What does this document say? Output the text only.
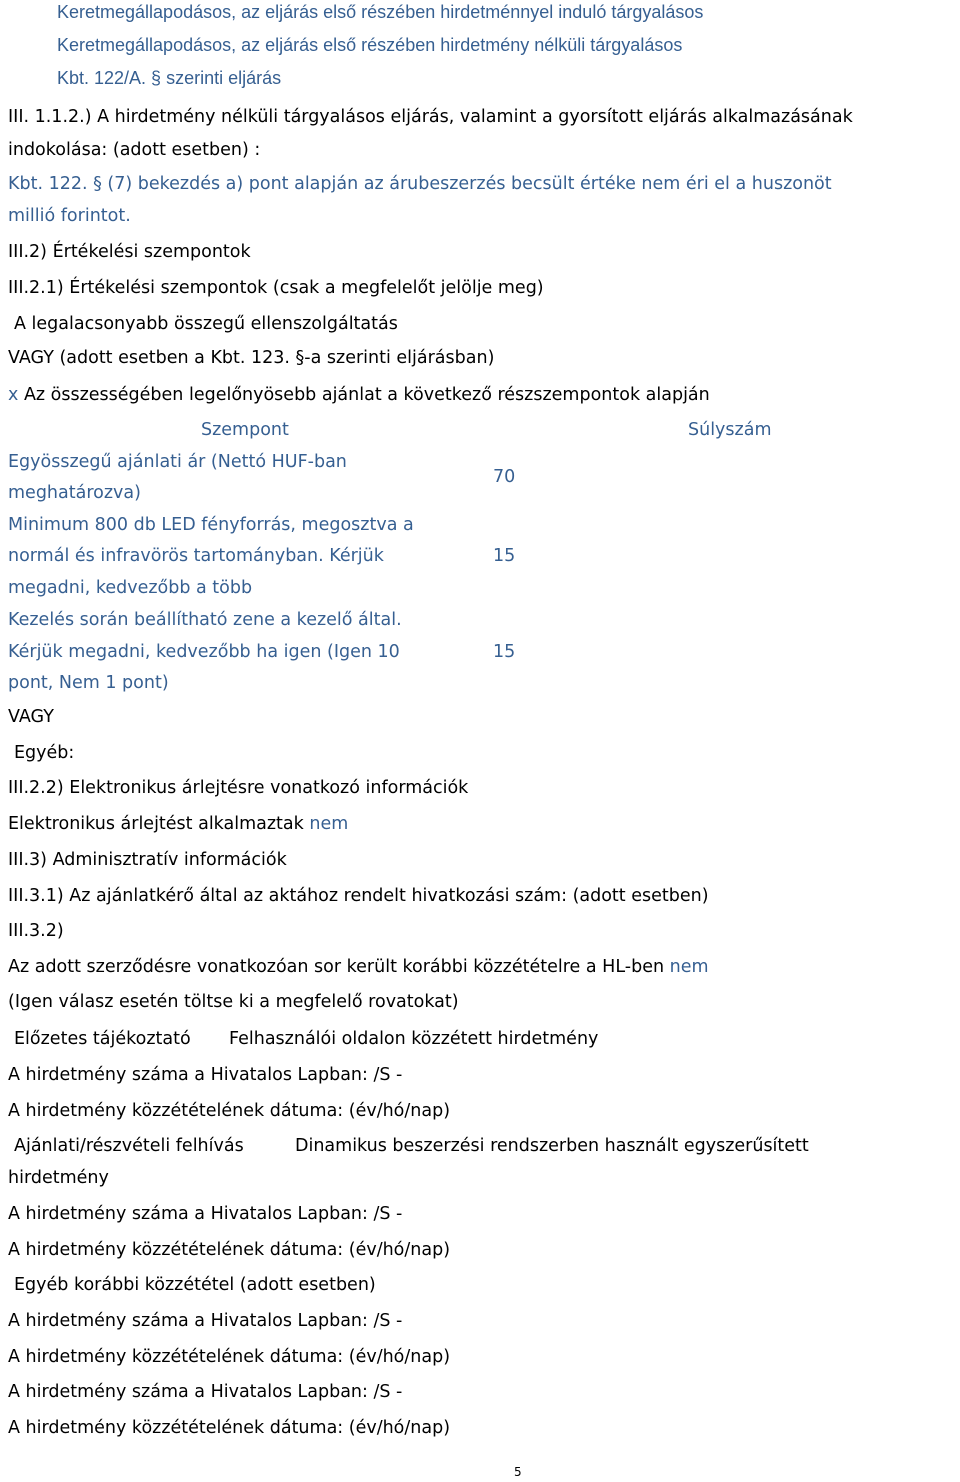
Keretmegállapodásos, az eljárás első részében hirdetménnyel induló tárgyalásos
Keretmegállapodásos, az eljárás első részében hirdetmény nélküli tárgyalásos
Kbt. 122/A. § szerinti eljárás
III. 1.1.2.) A hirdetmény nélküli tárgyalásos eljárás, valamint a gyorsított eljárás alkalmazásának
indokolása: (adott esetben) :
Kbt. 122. § (7) bekezdés a) pont alapján az árubeszerzés becsült értéke nem éri el a huszonöt
millió forintot.
III.2) Értékelési szempontok
III.2.1) Értékelési szempontok (csak a megfelelőt jelölje meg)
A legalacsonyabb összegű ellenszolgáltatás
VAGY (adott esetben a Kbt. 123. §-a szerinti eljárásban)
x Az összességében legelőnyösebb ajánlat a következő részszempontok alapján
Szempont	Súlyszám
Egyösszegű ajánlati ár (Nettó HUF-ban
meghatározva)
70
Minimum 800 db LED fényforrás, megosztva a
normál és infravörös tartományban. Kérjük
megadni, kedvezőbb a több
15
Kezelés során beállítható zene a kezelő által.
Kérjük megadni, kedvezőbb ha igen (Igen 10
pont, Nem 1 pont)
15
VAGY
Egyéb:
III.2.2) Elektronikus árlejtésre vonatkozó információk
Elektronikus árlejtést alkalmaztak nem
III.3) Adminisztratív információk
III.3.1) Az ajánlatkérő által az aktához rendelt hivatkozási szám: (adott esetben)
III.3.2)
Az adott szerződésre vonatkozóan sor került korábbi közzétételre a HL-ben nem
(Igen válasz esetén töltse ki a megfelelő rovatokat)
Előzetes tájékoztató Felhasználói oldalon közzétett hirdetmény
A hirdetmény száma a Hivatalos Lapban: /S -
A hirdetmény közzétételének dátuma: (év/hó/nap)
Ajánlati/részvételi felhívás	Dinamikus beszerzési rendszerben használt egyszerűsített
hirdetmény
A hirdetmény száma a Hivatalos Lapban: /S -
A hirdetmény közzétételének dátuma: (év/hó/nap)
Egyéb korábbi közzététel (adott esetben)
A hirdetmény száma a Hivatalos Lapban: /S -
A hirdetmény közzétételének dátuma: (év/hó/nap)
A hirdetmény száma a Hivatalos Lapban: /S -
A hirdetmény közzétételének dátuma: (év/hó/nap)
5
